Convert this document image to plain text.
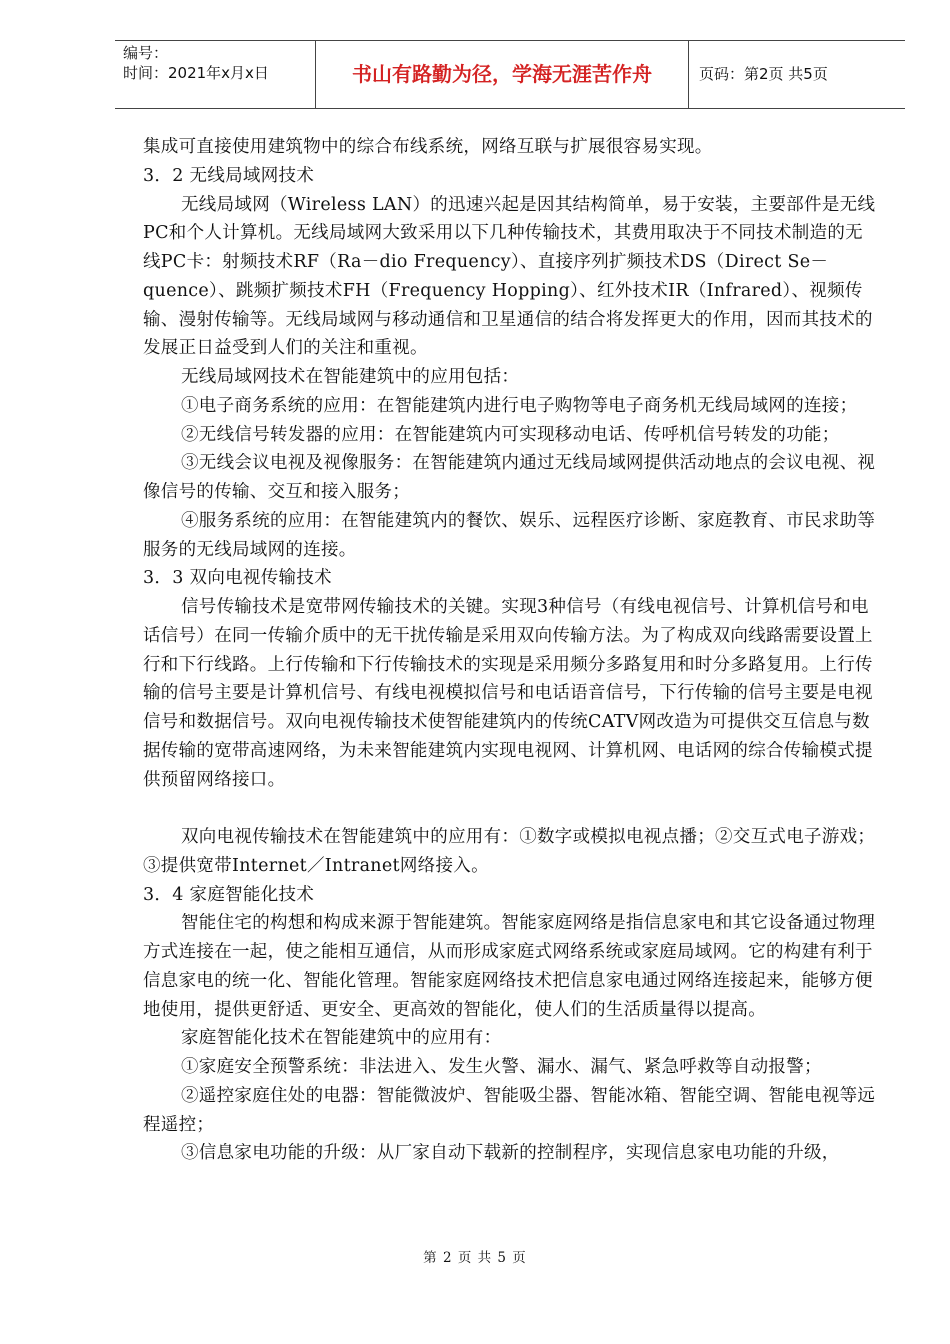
编号：
时间：2021年x月x日	书山有路勤为径，学海无涯苦作舟	页码：第2页 共5页

集成可直接使用建筑物中的综合布线系统，网络互联与扩展很容易实现。

3．2 无线局域网技术

无线局域网（Wireless LAN）的迅速兴起是因其结构简单，易于安装，主要部件是无线PC和个人计算机。无线局域网大致采用以下几种传输技术，其费用取决于不同技术制造的无线PC卡：射频技术RF（Ra－dio Frequency）、直接序列扩频技术DS（Direct Se－quence）、跳频扩频技术FH（Frequency Hopping）、红外技术IR（Infrared）、视频传输、漫射传输等。无线局域网与移动通信和卫星通信的结合将发挥更大的作用，因而其技术的发展正日益受到人们的关注和重视。

无线局域网技术在智能建筑中的应用包括：

①电子商务系统的应用：在智能建筑内进行电子购物等电子商务机无线局域网的连接；

②无线信号转发器的应用：在智能建筑内可实现移动电话、传呼机信号转发的功能；

③无线会议电视及视像服务：在智能建筑内通过无线局域网提供活动地点的会议电视、视像信号的传输、交互和接入服务；

④服务系统的应用：在智能建筑内的餐饮、娱乐、远程医疗诊断、家庭教育、市民求助等服务的无线局域网的连接。

3．3 双向电视传输技术

信号传输技术是宽带网传输技术的关键。实现3种信号（有线电视信号、计算机信号和电话信号）在同一传输介质中的无干扰传输是采用双向传输方法。为了构成双向线路需要设置上行和下行线路。上行传输和下行传输技术的实现是采用频分多路复用和时分多路复用。上行传输的信号主要是计算机信号、有线电视模拟信号和电话语音信号，下行传输的信号主要是电视信号和数据信号。双向电视传输技术使智能建筑内的传统CATV网改造为可提供交互信息与数据传输的宽带高速网络，为未来智能建筑内实现电视网、计算机网、电话网的综合传输模式提供预留网络接口。

双向电视传输技术在智能建筑中的应用有：①数字或模拟电视点播；②交互式电子游戏；③提供宽带Internet／Intranet网络接入。

3．4 家庭智能化技术

智能住宅的构想和构成来源于智能建筑。智能家庭网络是指信息家电和其它设备通过物理方式连接在一起，使之能相互通信，从而形成家庭式网络系统或家庭局域网。它的构建有利于信息家电的统一化、智能化管理。智能家庭网络技术把信息家电通过网络连接起来，能够方便地使用，提供更舒适、更安全、更高效的智能化，使人们的生活质量得以提高。

家庭智能化技术在智能建筑中的应用有：

①家庭安全预警系统：非法进入、发生火警、漏水、漏气、紧急呼救等自动报警；

②遥控家庭住处的电器：智能微波炉、智能吸尘器、智能冰箱、智能空调、智能电视等远程遥控；

③信息家电功能的升级：从厂家自动下载新的控制程序，实现信息家电功能的升级，

第 2 页 共 5 页
